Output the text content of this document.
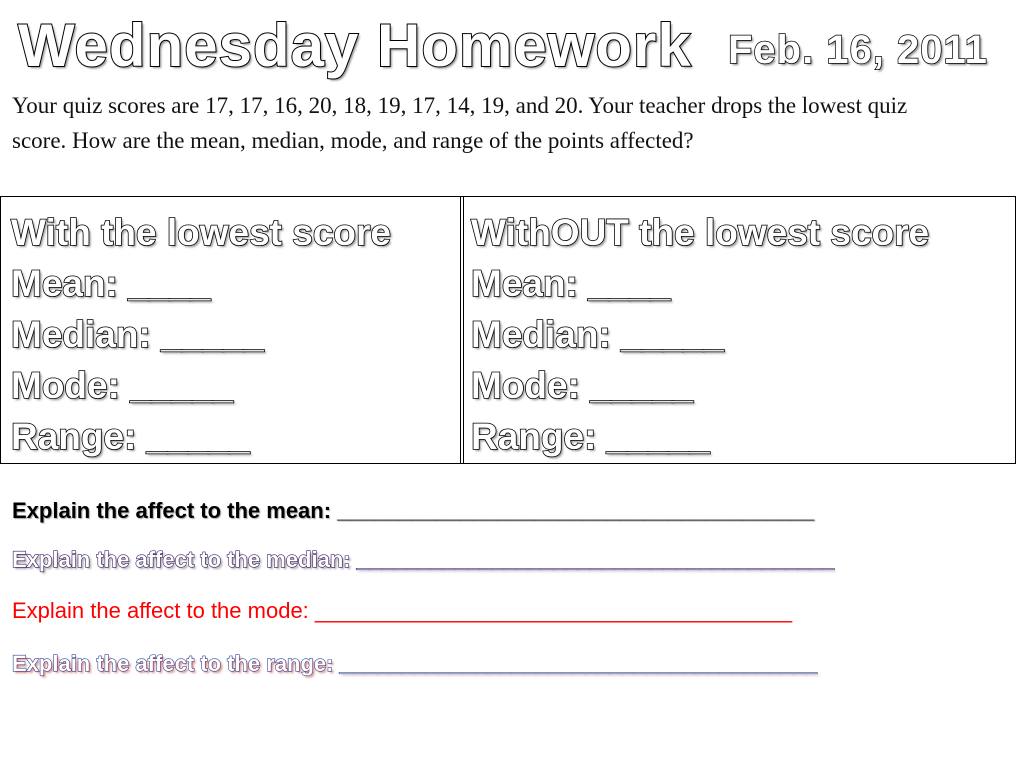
Wednesday Homework Feb. 16, 2011

Your quiz scores are 17, 17, 16, 20, 18, 19, 17, 14, 19, and 20. Your teacher drops the lowest quiz score. How are the mean, median, mode, and range of the points affected?

With the lowest score
Mean: ____
Median: _____
Mode: _____
Range: _____
WithOUT the lowest score
Mean: ____
Median: _____
Mode: _____
Range: _____
Explain the affect to the mean: _______________________________________
Explain the affect to the median: _______________________________________
Explain the affect to the mode: _______________________________________
Explain the affect to the range: _______________________________________
